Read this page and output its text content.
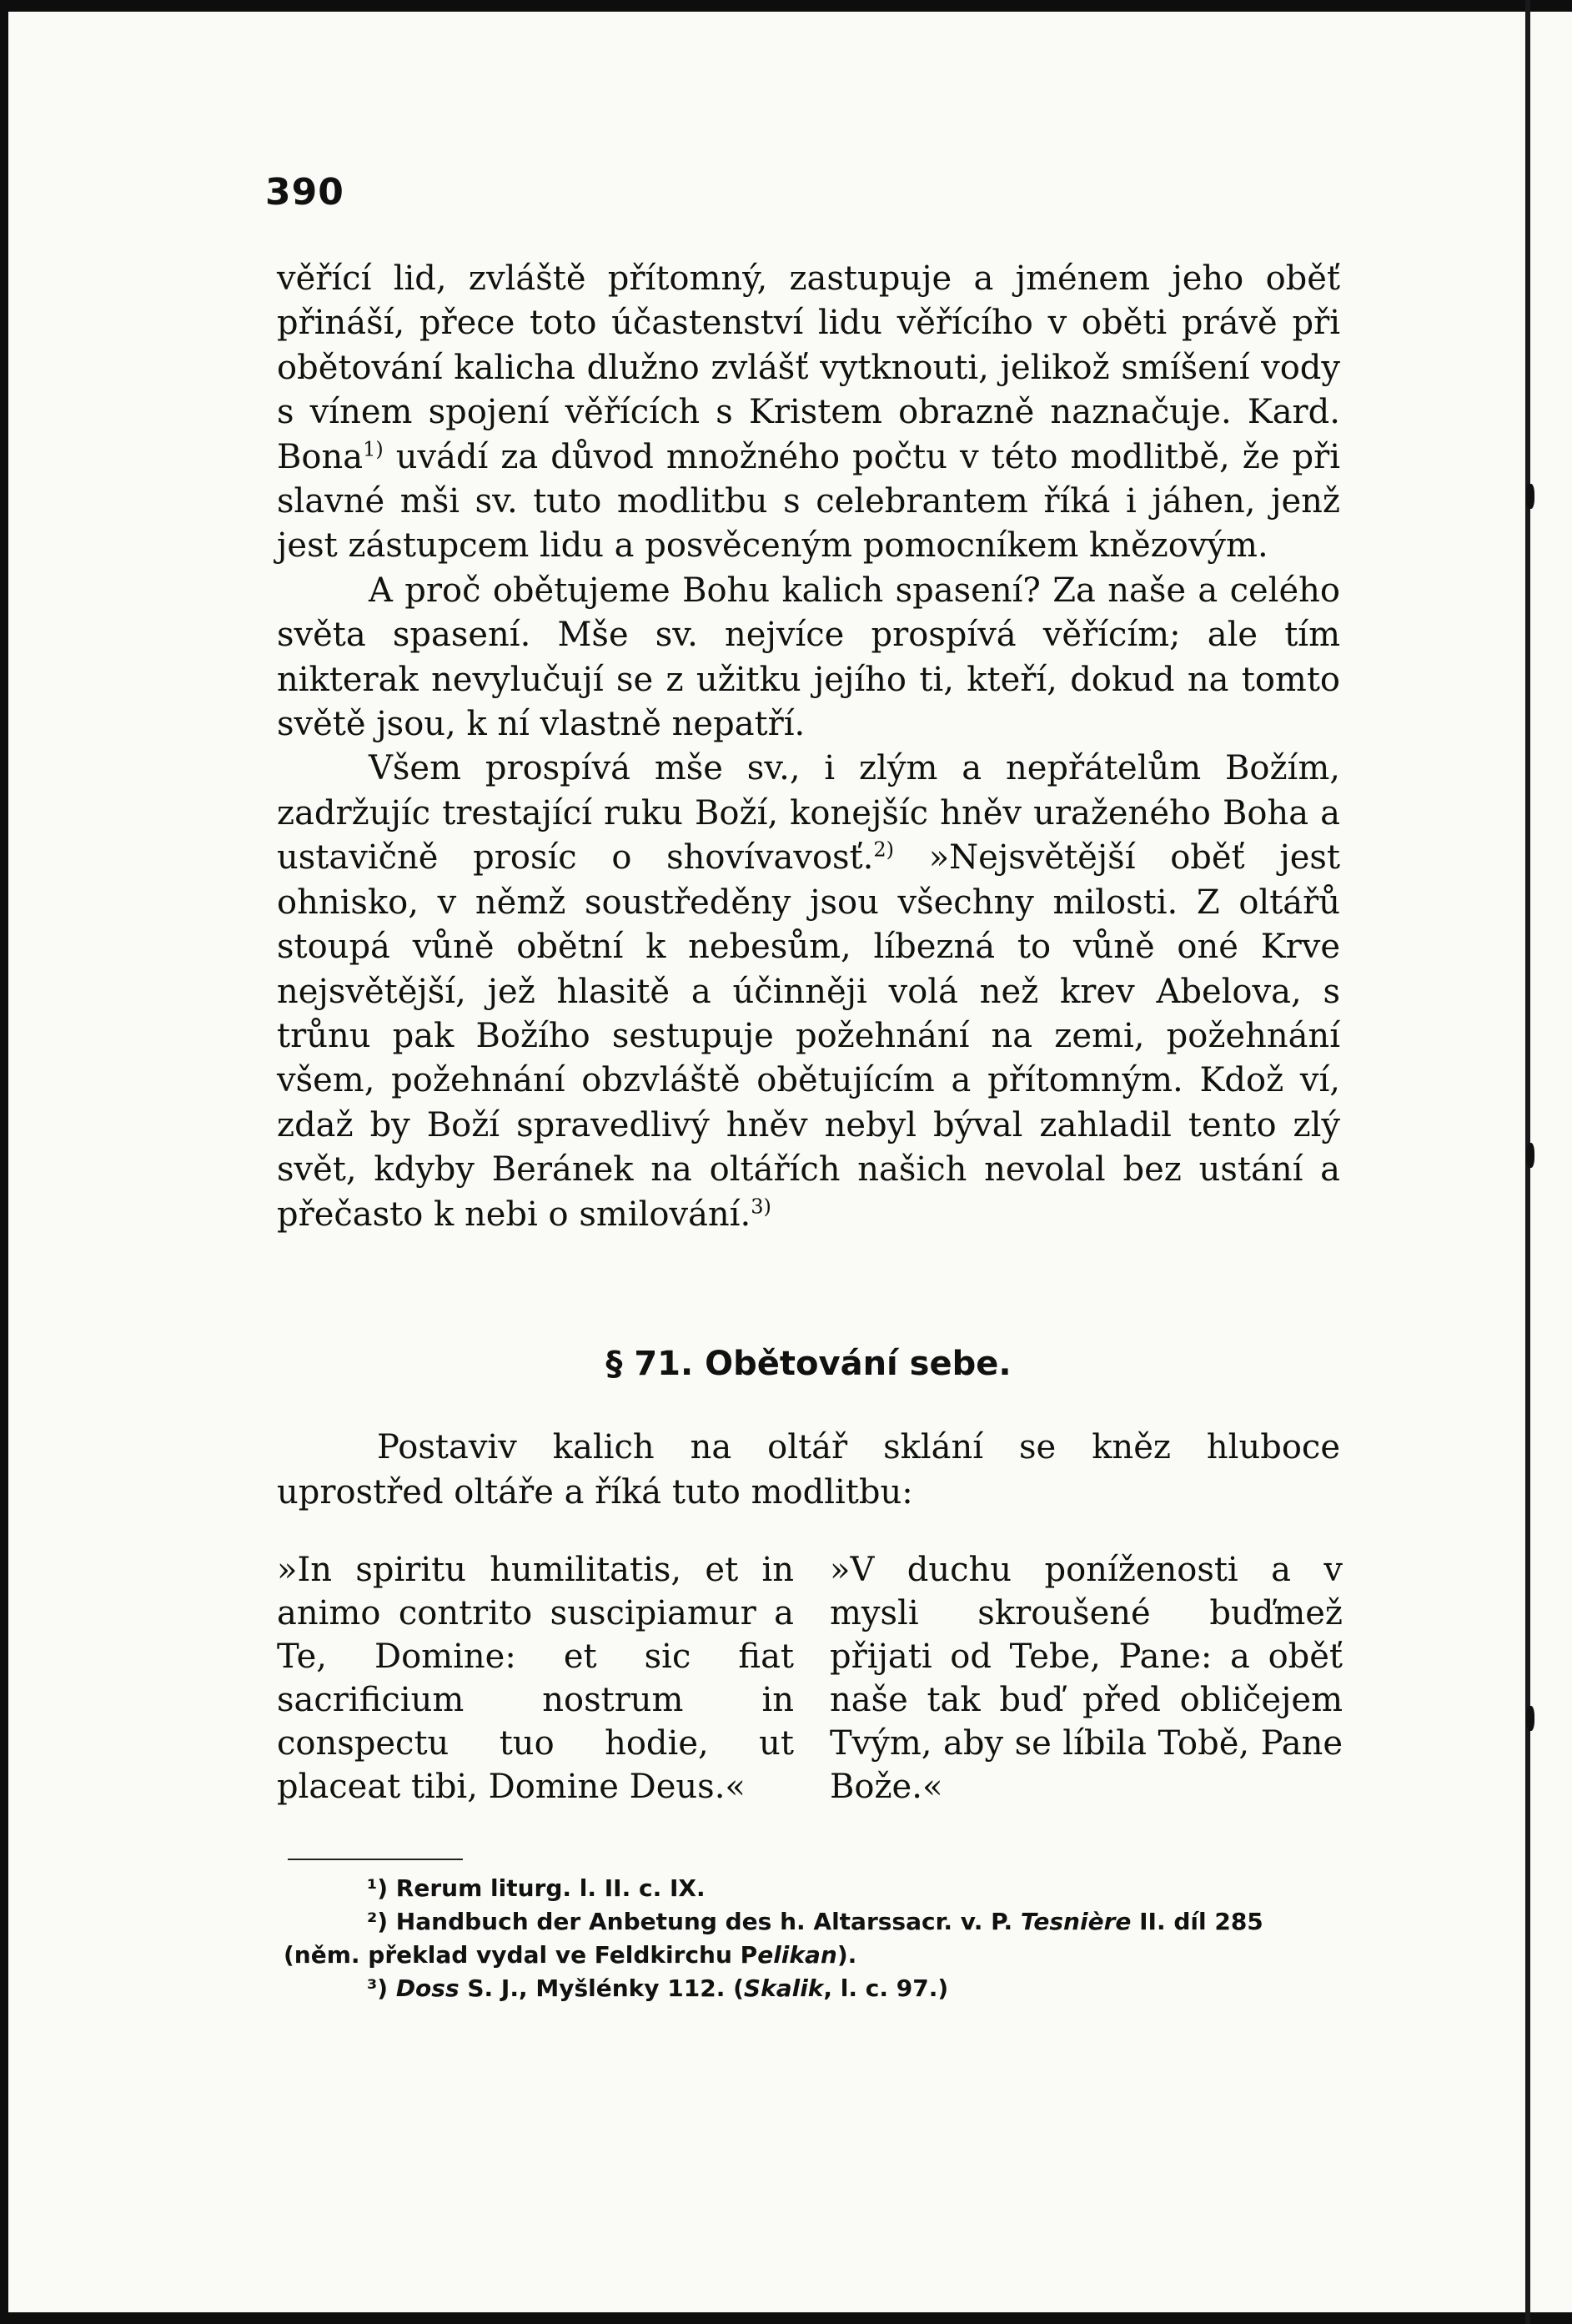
390

věřící lid, zvláště přítomný, zastupuje a jménem jeho oběť přináší, přece toto účastenství lidu věřícího v oběti právě při obětování kalicha dlužno zvlášť vytknouti, jelikož smíšení vody s vínem spojení věřících s Kristem obrazně naznačuje. Kard. Bona$^{1)}$ uvádí za důvod množného počtu v této modlitbě, že při slavné mši sv. tuto modlitbu s celebrantem říká i jáhen, jenž jest zástupcem lidu a posvěceným pomocníkem knězovým.

A proč obětujeme Bohu kalich spasení? Za naše a celého světa spasení. Mše sv. nejvíce prospívá věřícím; ale tím nikterak nevylučují se z užitku jejího ti, kteří, dokud na tomto světě jsou, k ní vlastně nepatří.

Všem prospívá mše sv., i zlým a nepřátelům Božím, zadržujíc trestající ruku Boží, konejšíc hněv uraženého Boha a ustavičně prosíc o shovívavosť.$^{2)}$ »Nejsvětější oběť jest ohnisko, v němž soustředěny jsou všechny milosti. Z oltářů stoupá vůně obětní k nebesům, líbezná to vůně oné Krve nejsvětější, jež hlasitě a účinněji volá než krev Abelova, s trůnu pak Božího sestupuje požehnání na zemi, požehnání všem, požehnání obzvláště obětujícím a přítomným. Kdož ví, zdaž by Boží spravedlivý hněv nebyl býval zahladil tento zlý svět, kdyby Beránek na oltářích našich nevolal bez ustání a přečasto k nebi o smilování.$^{3)}$

§ 71. Obětování sebe.
Postaviv kalich na oltář sklání se kněz hluboce uprostřed oltáře a říká tuto modlitbu:
»In spiritu humilitatis, et in animo contrito suscipiamur a Te, Domine: et sic fiat sacrificium nostrum in conspectu tuo hodie, ut placeat tibi, Domine Deus.«
»V duchu poníženosti a v mysli skroušené buďmež přijati od Tebe, Pane: a oběť naše tak buď před obličejem Tvým, aby se líbila Tobě, Pane Bože.«

¹) Rerum liturg. l. II. c. IX.

²) Handbuch der Anbetung des h. Altarssacr. v. P. Tesnière II. díl 285

(něm. překlad vydal ve Feldkirchu Pelikan).

³) Doss S. J., Myšlénky 112. (Skalik, l. c. 97.)
